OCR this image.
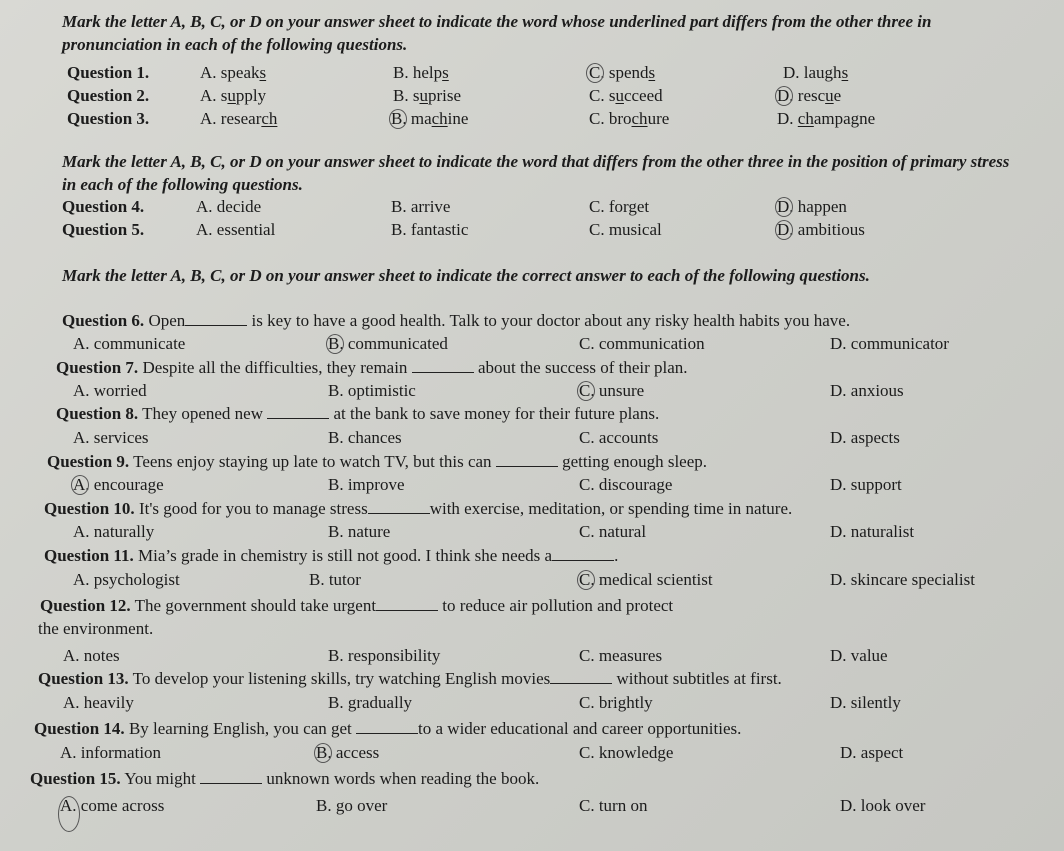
Mark the letter A, B, C, or D on your answer sheet to indicate the word whose underlined part differs from the other three in pronunciation in each of the following questions.
Question 1.	A. speaks	B. helps	C. spends	D. laughs
Question 2.	A. supply	B. suprise	C. succeed	D. rescue
Question 3.	A. research	B. machine	C. brochure	D. champagne
Mark the letter A, B, C, or D on your answer sheet to indicate the word that differs from the other three in the position of primary stress in each of the following questions.
Question 4.	A. decide	B. arrive	C. forget	D. happen
Question 5.	A. essential	B. fantastic	C. musical	D. ambitious
Mark the letter A, B, C, or D on your answer sheet to indicate the correct answer to each of the following questions.
Question 6. Open	is key to have a good health. Talk to your doctor about any risky health habits you have.
A. communicate	B. communicated	C. communication	D. communicator
Question 7. Despite all the difficulties, they remain	about the success of their plan.
A. worried	B. optimistic	C. unsure	D. anxious
Question 8. They opened new	at the bank to save money for their future plans.
A. services	B. chances	C. accounts	D. aspects
Question 9. Teens enjoy staying up late to watch TV, but this can	getting enough sleep.
A. encourage	B. improve	C. discourage	D. support
Question 10. It's good for you to manage stress	with exercise, meditation, or spending time in nature.
A. naturally	B. nature	C. natural	D. naturalist
Question 11. Mia’s grade in chemistry is still not good. I think she needs a	.
A. psychologist	B. tutor	C. medical scientist	D. skincare specialist
Question 12. The government should take urgent	to reduce air pollution and protect
the environment.
A. notes	B. responsibility	C. measures	D. value
Question 13. To develop your listening skills, try watching English movies	without subtitles at first.
A. heavily	B. gradually	C. brightly	D. silently
Question 14. By learning English, you can get	to a wider educational and career opportunities.
A. information	B. access	C. knowledge	D. aspect
Question 15. You might	unknown words when reading the book.
A. come across	B. go over	C. turn on	D. look over
